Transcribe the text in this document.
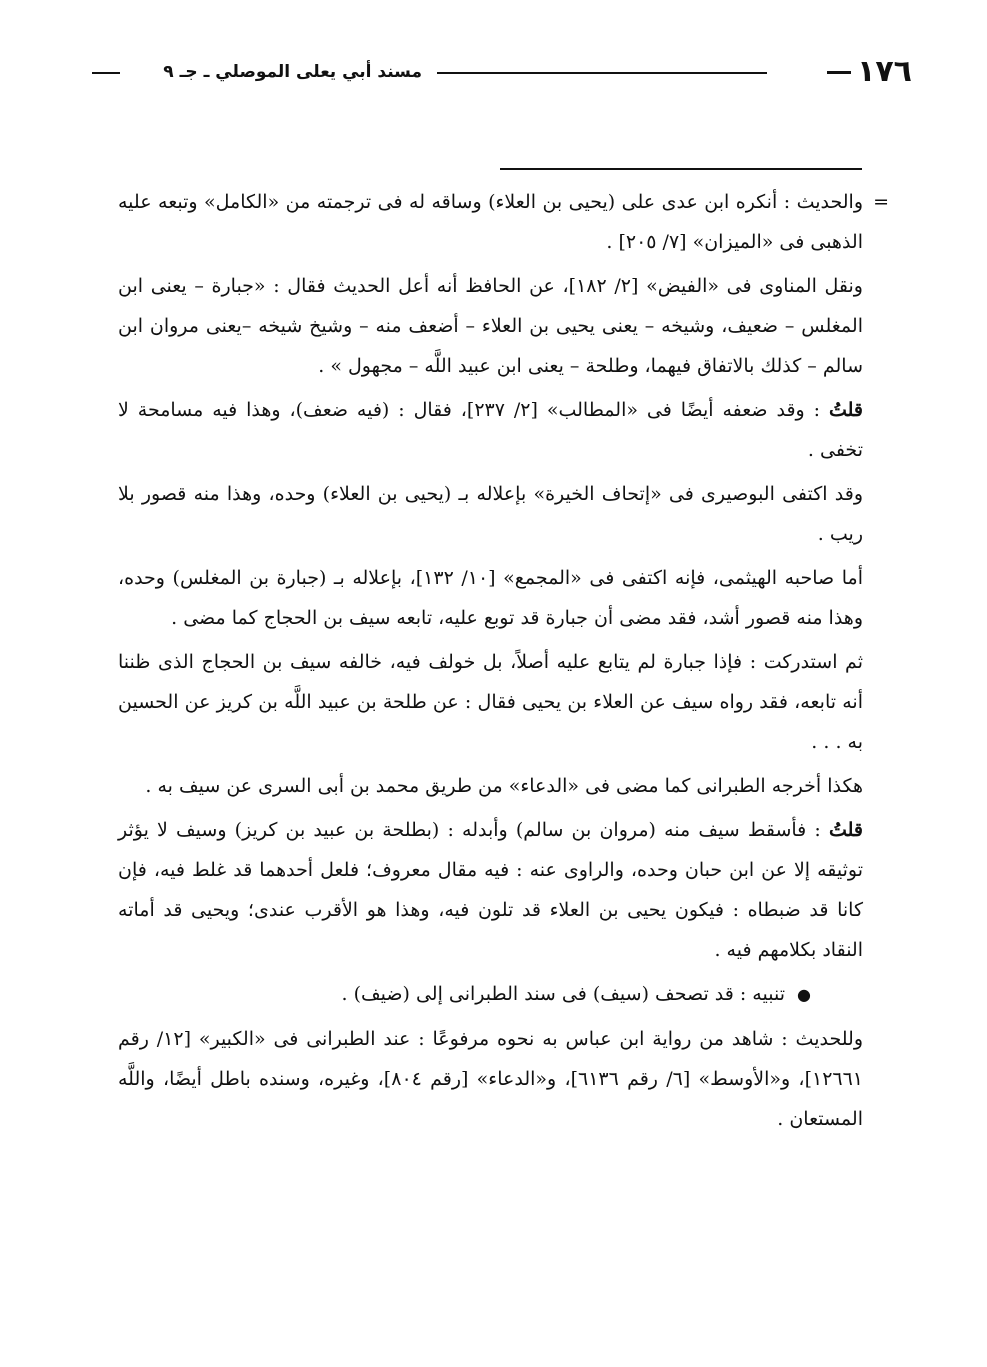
١٧٦
مسند أبي يعلى الموصلي ـ جـ ٩

=
والحديث : أنكره ابن عدى على (يحيى بن العلاء) وساقه له فى ترجمته من «الكامل» وتبعه عليه الذهبى فى «الميزان» [٧/ ٢٠٥] .

ونقل المناوى فى «الفيض» [٢/ ١٨٢]، عن الحافظ أنه أعل الحديث فقال : «جبارة – يعنى ابن المغلس – ضعيف، وشيخه – يعنى يحيى بن العلاء – أضعف منه – وشيخ شيخه –يعنى مروان ابن سالم – كذلك بالاتفاق فيهما، وطلحة – يعنى ابن عبيد اللَّه – مجهول » .

قلتُ : وقد ضعفه أيضًا فى «المطالب» [٢/ ٢٣٧]، فقال : (فيه ضعف)، وهذا فيه مسامحة لا تخفى .

وقد اكتفى البوصيرى فى «إتحاف الخيرة» بإعلاله بـ (يحيى بن العلاء) وحده، وهذا منه قصور بلا ريب .

أما صاحبه الهيثمى، فإنه اكتفى فى «المجمع» [١٠/ ١٣٢]، بإعلاله بـ (جبارة بن المغلس) وحده، وهذا منه قصور أشد، فقد مضى أن جبارة قد توبع عليه، تابعه سيف بن الحجاج كما مضى .

ثم استدركت : فإذا جبارة لم يتابع عليه أصلاً، بل خولف فيه، خالفه سيف بن الحجاج الذى ظننا أنه تابعه، فقد رواه سيف عن العلاء بن يحيى فقال : عن طلحة بن عبيد اللَّه بن كريز عن الحسين به . . .

هكذا أخرجه الطبرانى كما مضى فى «الدعاء» من طريق محمد بن أبى السرى عن سيف به .

قلتُ : فأسقط سيف منه (مروان بن سالم) وأبدله : (بطلحة بن عبيد بن كريز) وسيف لا يؤثر توثيقه إلا عن ابن حبان وحده، والراوى عنه : فيه مقال معروف؛ فلعل أحدهما قد غلط فيه، فإن كانا قد ضبطاه : فيكون يحيى بن العلاء قد تلون فيه، وهذا هو الأقرب عندى؛ ويحيى قد أماته النقاد بكلامهم فيه .

● تنبيه : قد تصحف (سيف) فى سند الطبرانى إلى (ضيف) .

وللحديث : شاهد من رواية ابن عباس به نحوه مرفوعًا : عند الطبرانى فى «الكبير» [١٢/ رقم ١٢٦٦١]، و«الأوسط» [٦/ رقم ٦١٣٦]، و«الدعاء» [رقم ٨٠٤]، وغيره، وسنده باطل أيضًا، واللَّه المستعان .
